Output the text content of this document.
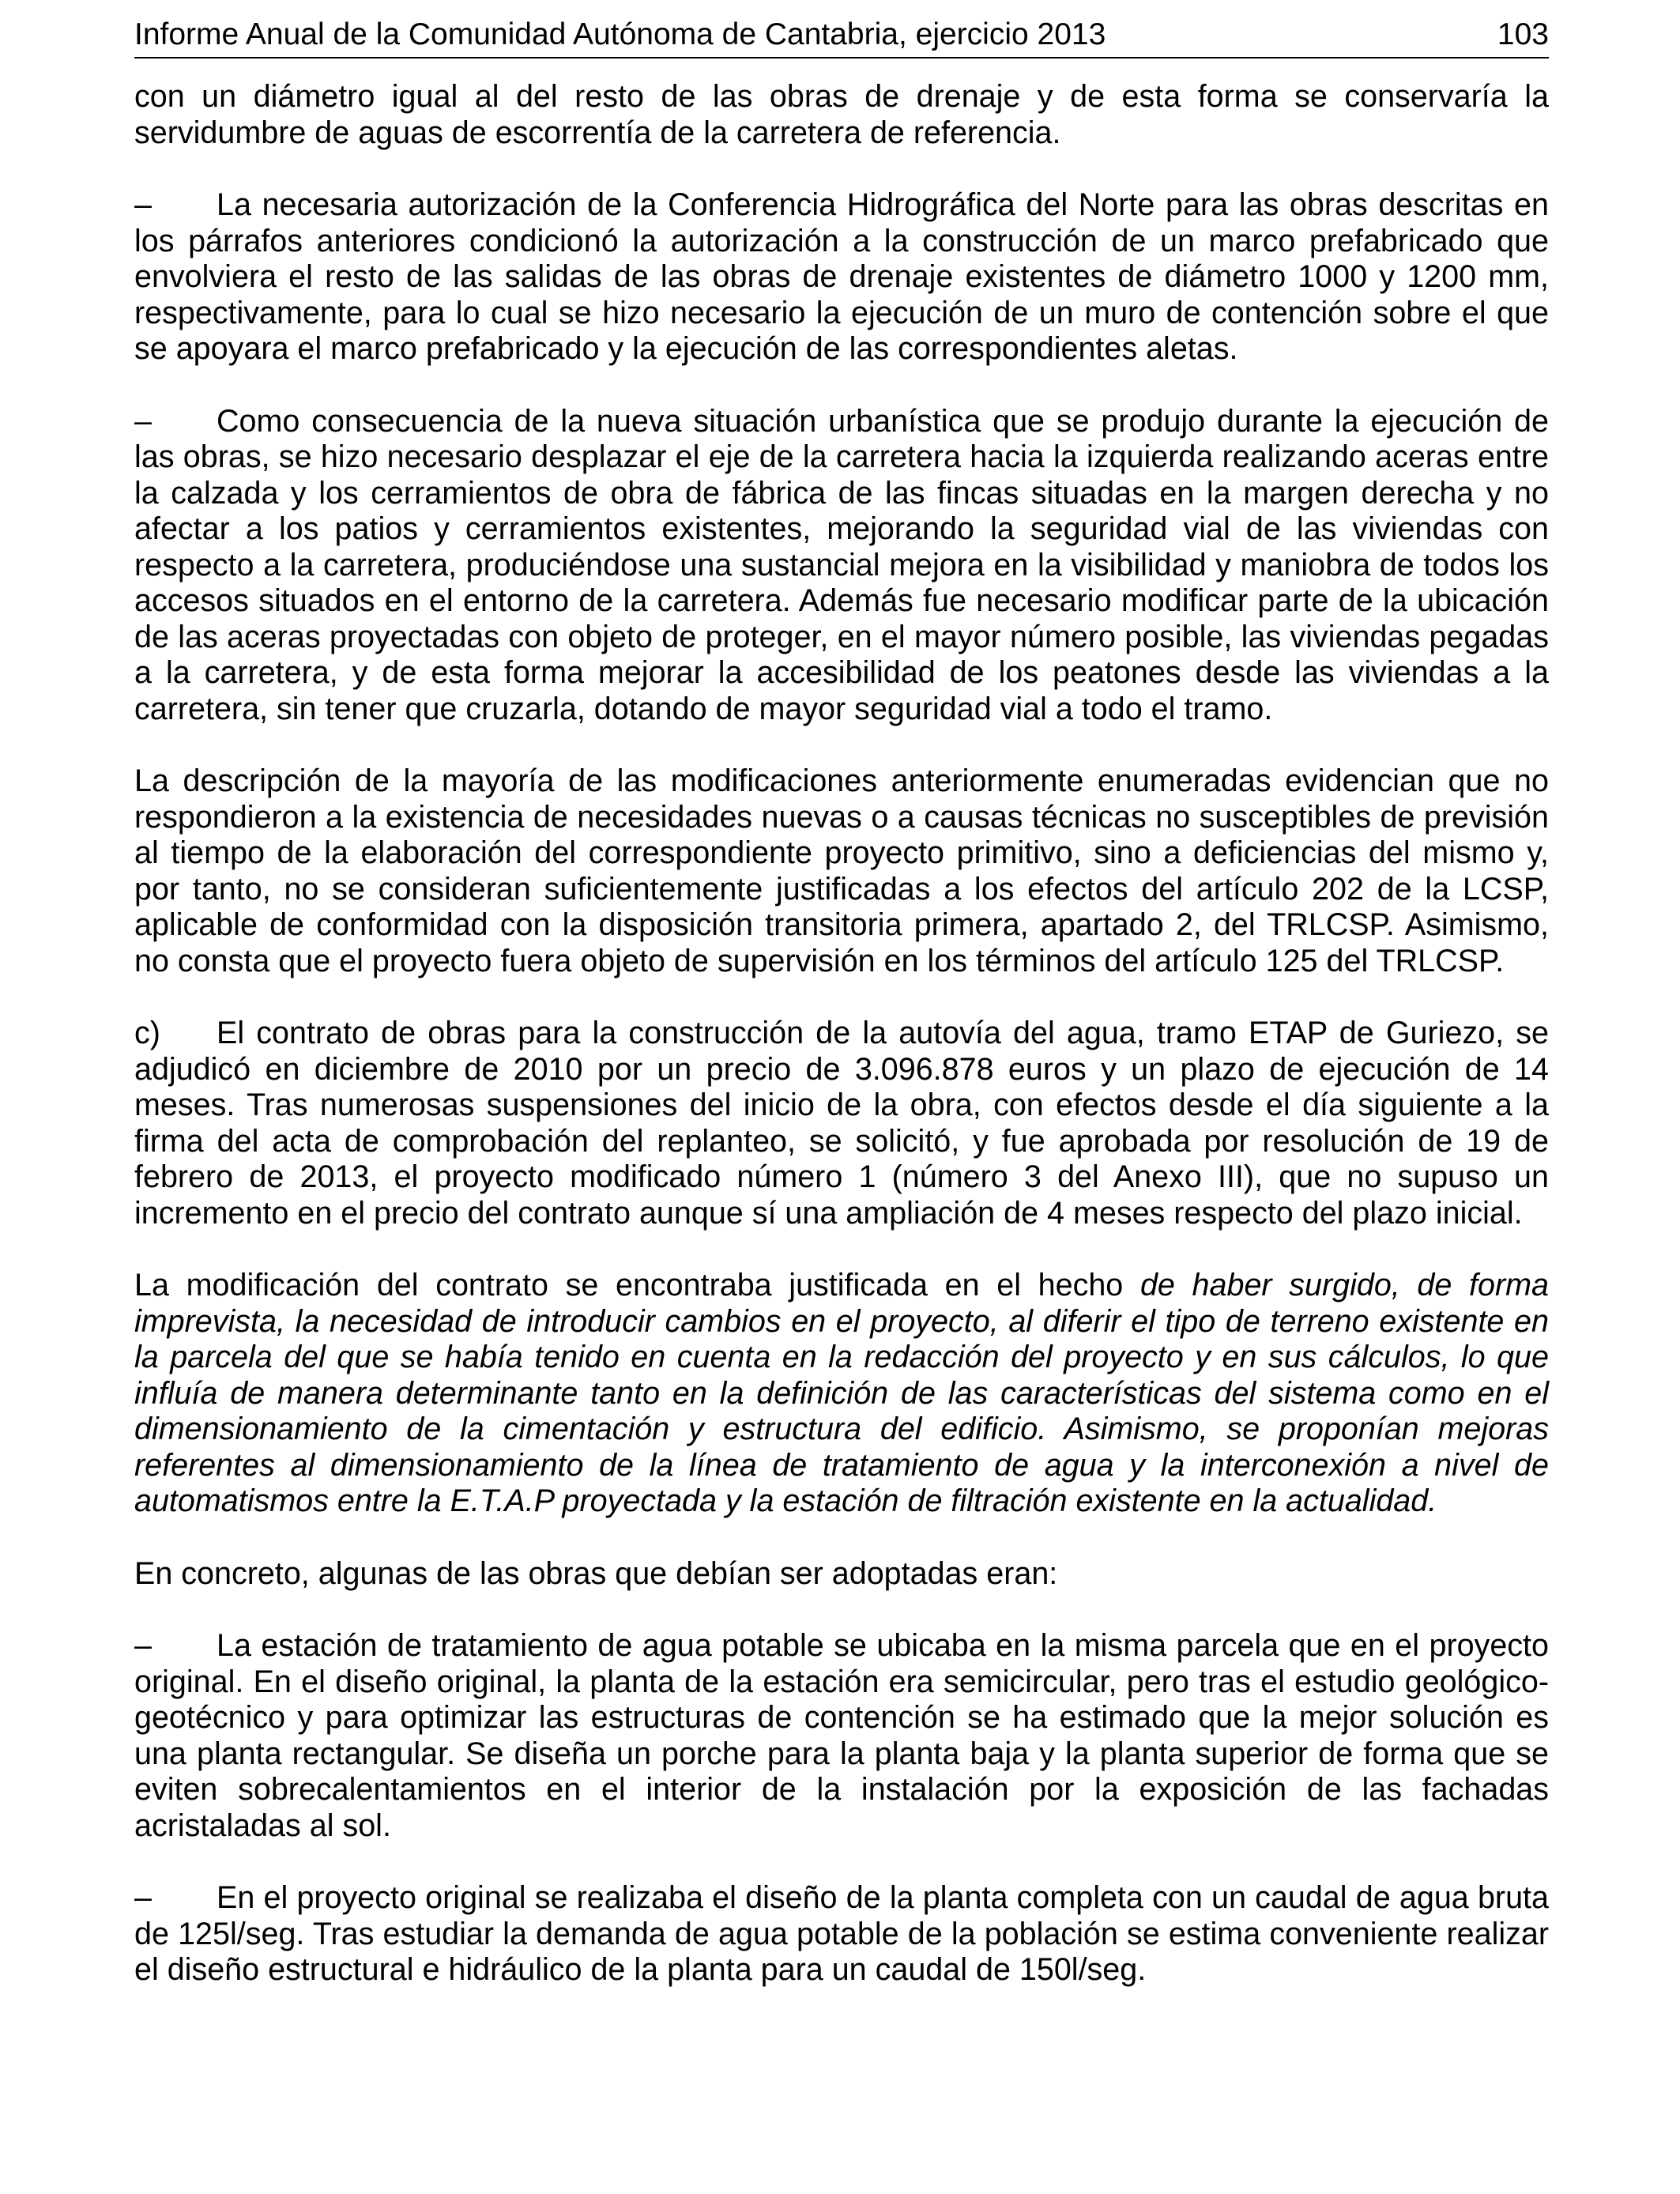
Informe Anual de la Comunidad Autónoma de Cantabria, ejercicio 2013	103

con un diámetro igual al del resto de las obras de drenaje y de esta forma se conservaría la servidumbre de aguas de escorrentía de la carretera de referencia.

– La necesaria autorización de la Conferencia Hidrográfica del Norte para las obras descritas en los párrafos anteriores condicionó la autorización a la construcción de un marco prefabricado que envolviera el resto de las salidas de las obras de drenaje existentes de diámetro 1000 y 1200 mm, respectivamente, para lo cual se hizo necesario la ejecución de un muro de contención sobre el que se apoyara el marco prefabricado y la ejecución de las correspondientes aletas.

– Como consecuencia de la nueva situación urbanística que se produjo durante la ejecución de las obras, se hizo necesario desplazar el eje de la carretera hacia la izquierda realizando aceras entre la calzada y los cerramientos de obra de fábrica de las fincas situadas en la margen derecha y no afectar a los patios y cerramientos existentes, mejorando la seguridad vial de las viviendas con respecto a la carretera, produciéndose una sustancial mejora en la visibilidad y maniobra de todos los accesos situados en el entorno de la carretera. Además fue necesario modificar parte de la ubicación de las aceras proyectadas con objeto de proteger, en el mayor número posible, las viviendas pegadas a la carretera, y de esta forma mejorar la accesibilidad de los peatones desde las viviendas a la carretera, sin tener que cruzarla, dotando de mayor seguridad vial a todo el tramo.

La descripción de la mayoría de las modificaciones anteriormente enumeradas evidencian que no respondieron a la existencia de necesidades nuevas o a causas técnicas no susceptibles de previsión al tiempo de la elaboración del correspondiente proyecto primitivo, sino a deficiencias del mismo y, por tanto, no se consideran suficientemente justificadas a los efectos del artículo 202 de la LCSP, aplicable de conformidad con la disposición transitoria primera, apartado 2, del TRLCSP. Asimismo, no consta que el proyecto fuera objeto de supervisión en los términos del artículo 125 del TRLCSP.

c) El contrato de obras para la construcción de la autovía del agua, tramo ETAP de Guriezo, se adjudicó en diciembre de 2010 por un precio de 3.096.878 euros y un plazo de ejecución de 14 meses. Tras numerosas suspensiones del inicio de la obra, con efectos desde el día siguiente a la firma del acta de comprobación del replanteo, se solicitó, y fue aprobada por resolución de 19 de febrero de 2013, el proyecto modificado número 1 (número 3 del Anexo III), que no supuso un incremento en el precio del contrato aunque sí una ampliación de 4 meses respecto del plazo inicial.

La modificación del contrato se encontraba justificada en el hecho de haber surgido, de forma imprevista, la necesidad de introducir cambios en el proyecto, al diferir el tipo de terreno existente en la parcela del que se había tenido en cuenta en la redacción del proyecto y en sus cálculos, lo que influía de manera determinante tanto en la definición de las características del sistema como en el dimensionamiento de la cimentación y estructura del edificio. Asimismo, se proponían mejoras referentes al dimensionamiento de la línea de tratamiento de agua y la interconexión a nivel de automatismos entre la E.T.A.P proyectada y la estación de filtración existente en la actualidad.

En concreto, algunas de las obras que debían ser adoptadas eran:

– La estación de tratamiento de agua potable se ubicaba en la misma parcela que en el proyecto original. En el diseño original, la planta de la estación era semicircular, pero tras el estudio geológico-geotécnico y para optimizar las estructuras de contención se ha estimado que la mejor solución es una planta rectangular. Se diseña un porche para la planta baja y la planta superior de forma que se eviten sobrecalentamientos en el interior de la instalación por la exposición de las fachadas acristaladas al sol.

– En el proyecto original se realizaba el diseño de la planta completa con un caudal de agua bruta de 125l/seg. Tras estudiar la demanda de agua potable de la población se estima conveniente realizar el diseño estructural e hidráulico de la planta para un caudal de 150l/seg.
